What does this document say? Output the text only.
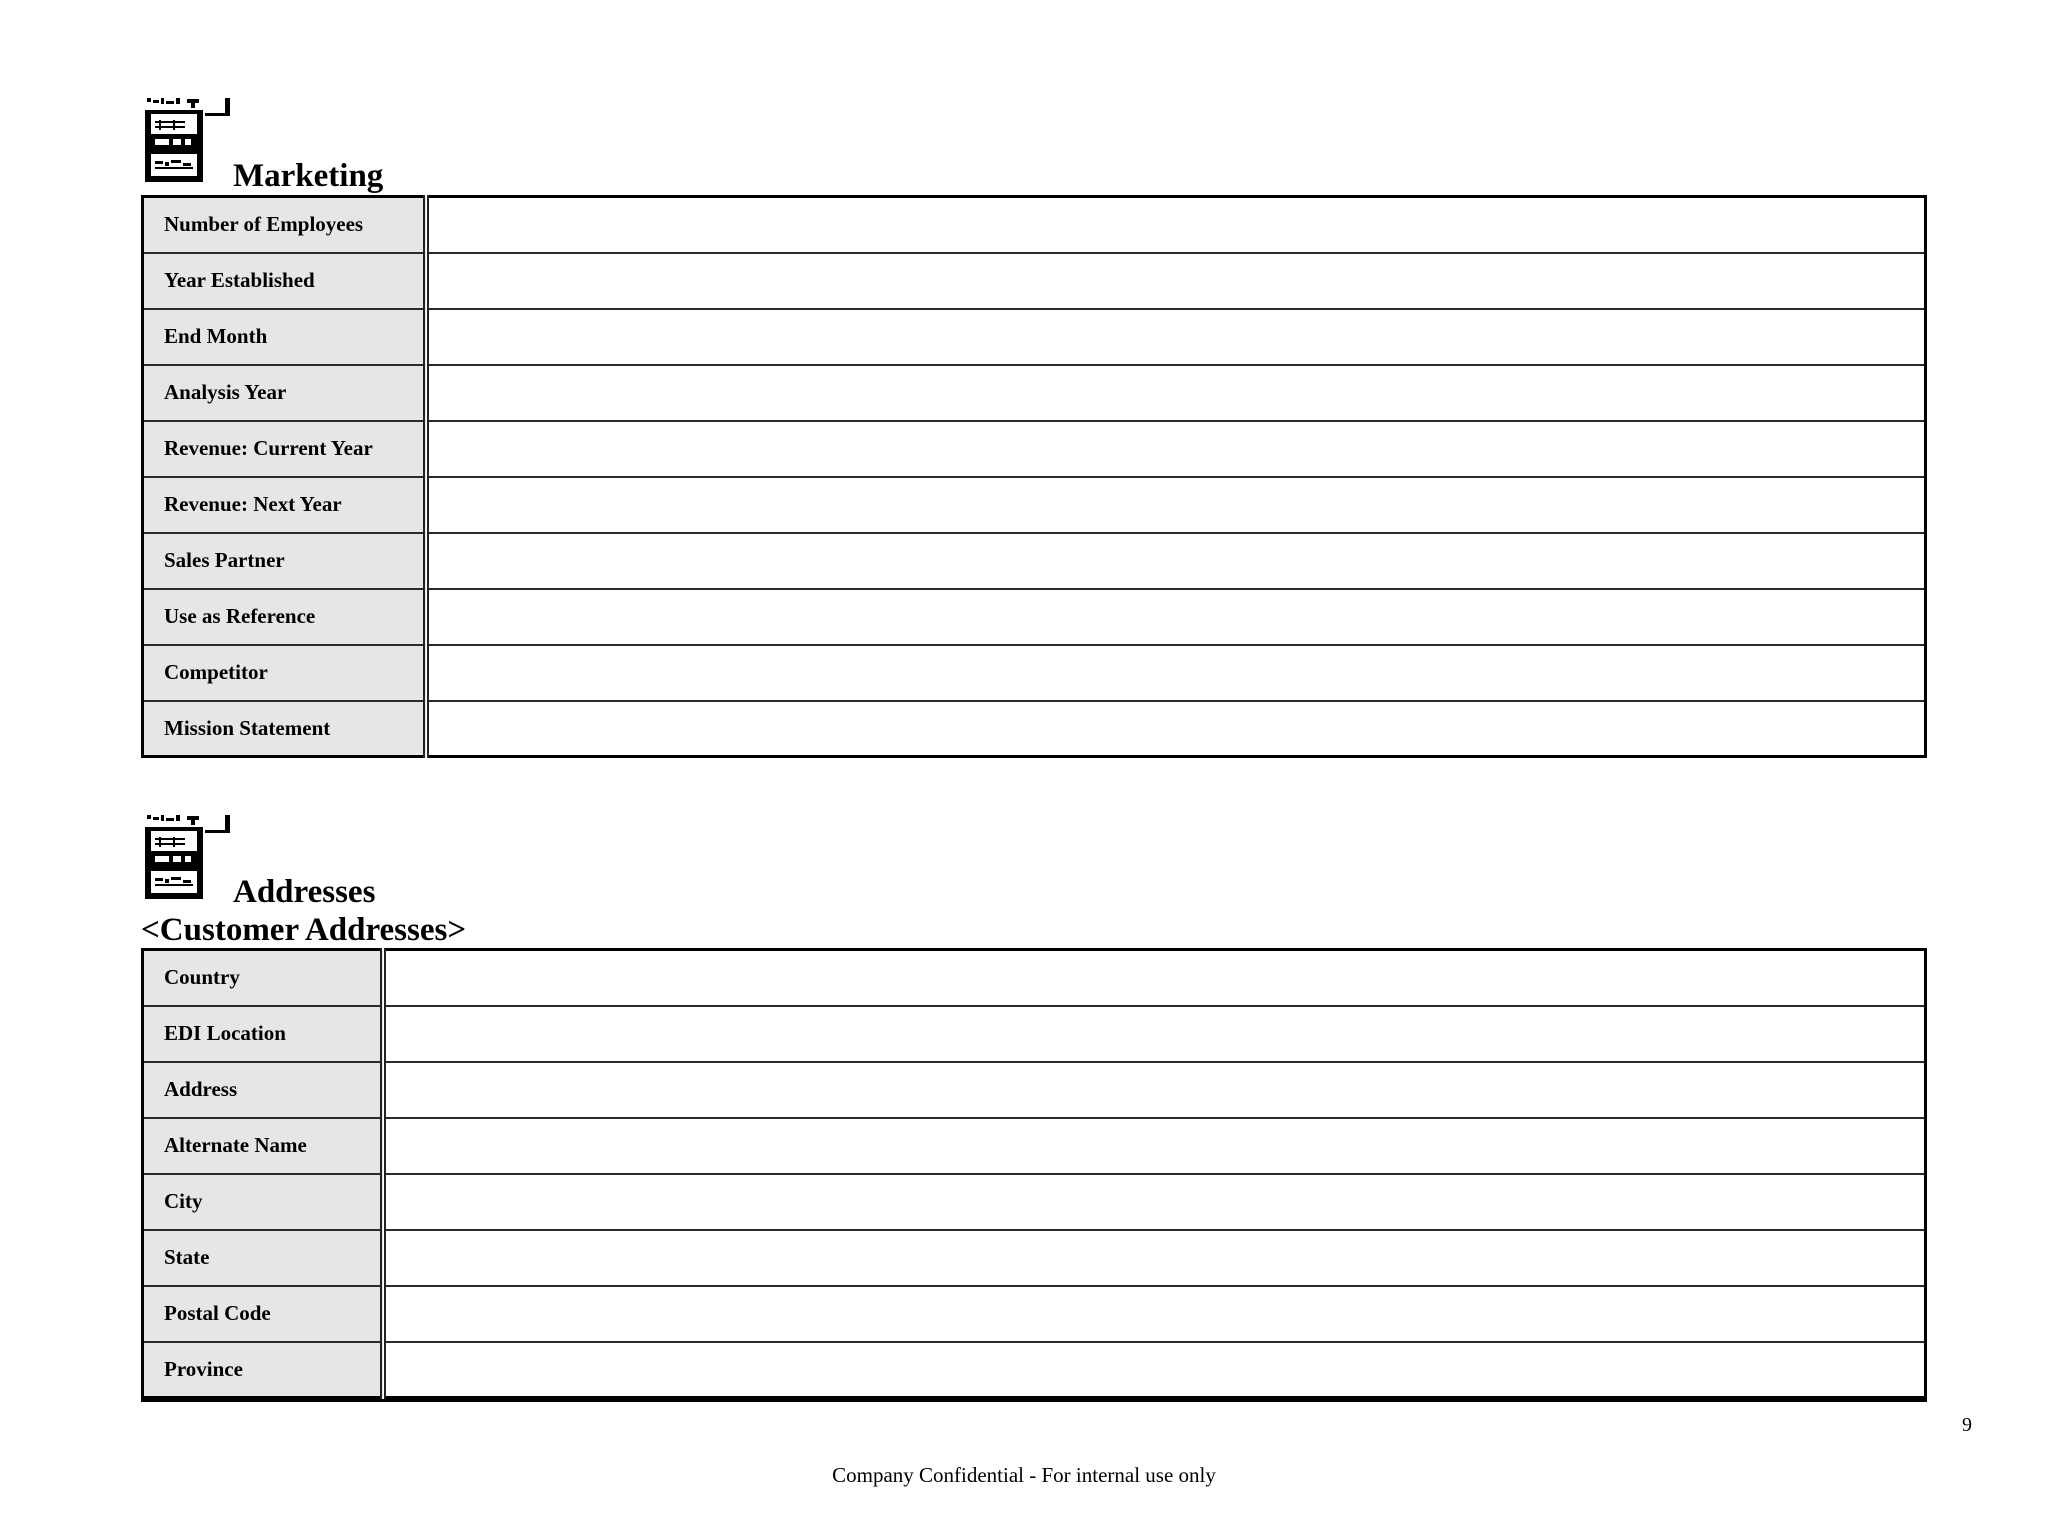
Marketing
Number of Employees	
Year Established	
End Month	
Analysis Year	
Revenue: Current Year	
Revenue: Next Year	
Sales Partner	
Use as Reference	
Competitor	
Mission Statement	
Addresses
<Customer Addresses>
Country	
EDI Location	
Address	
Alternate Name	
City	
State	
Postal Code	
Province	
9
Company Confidential - For internal use only
